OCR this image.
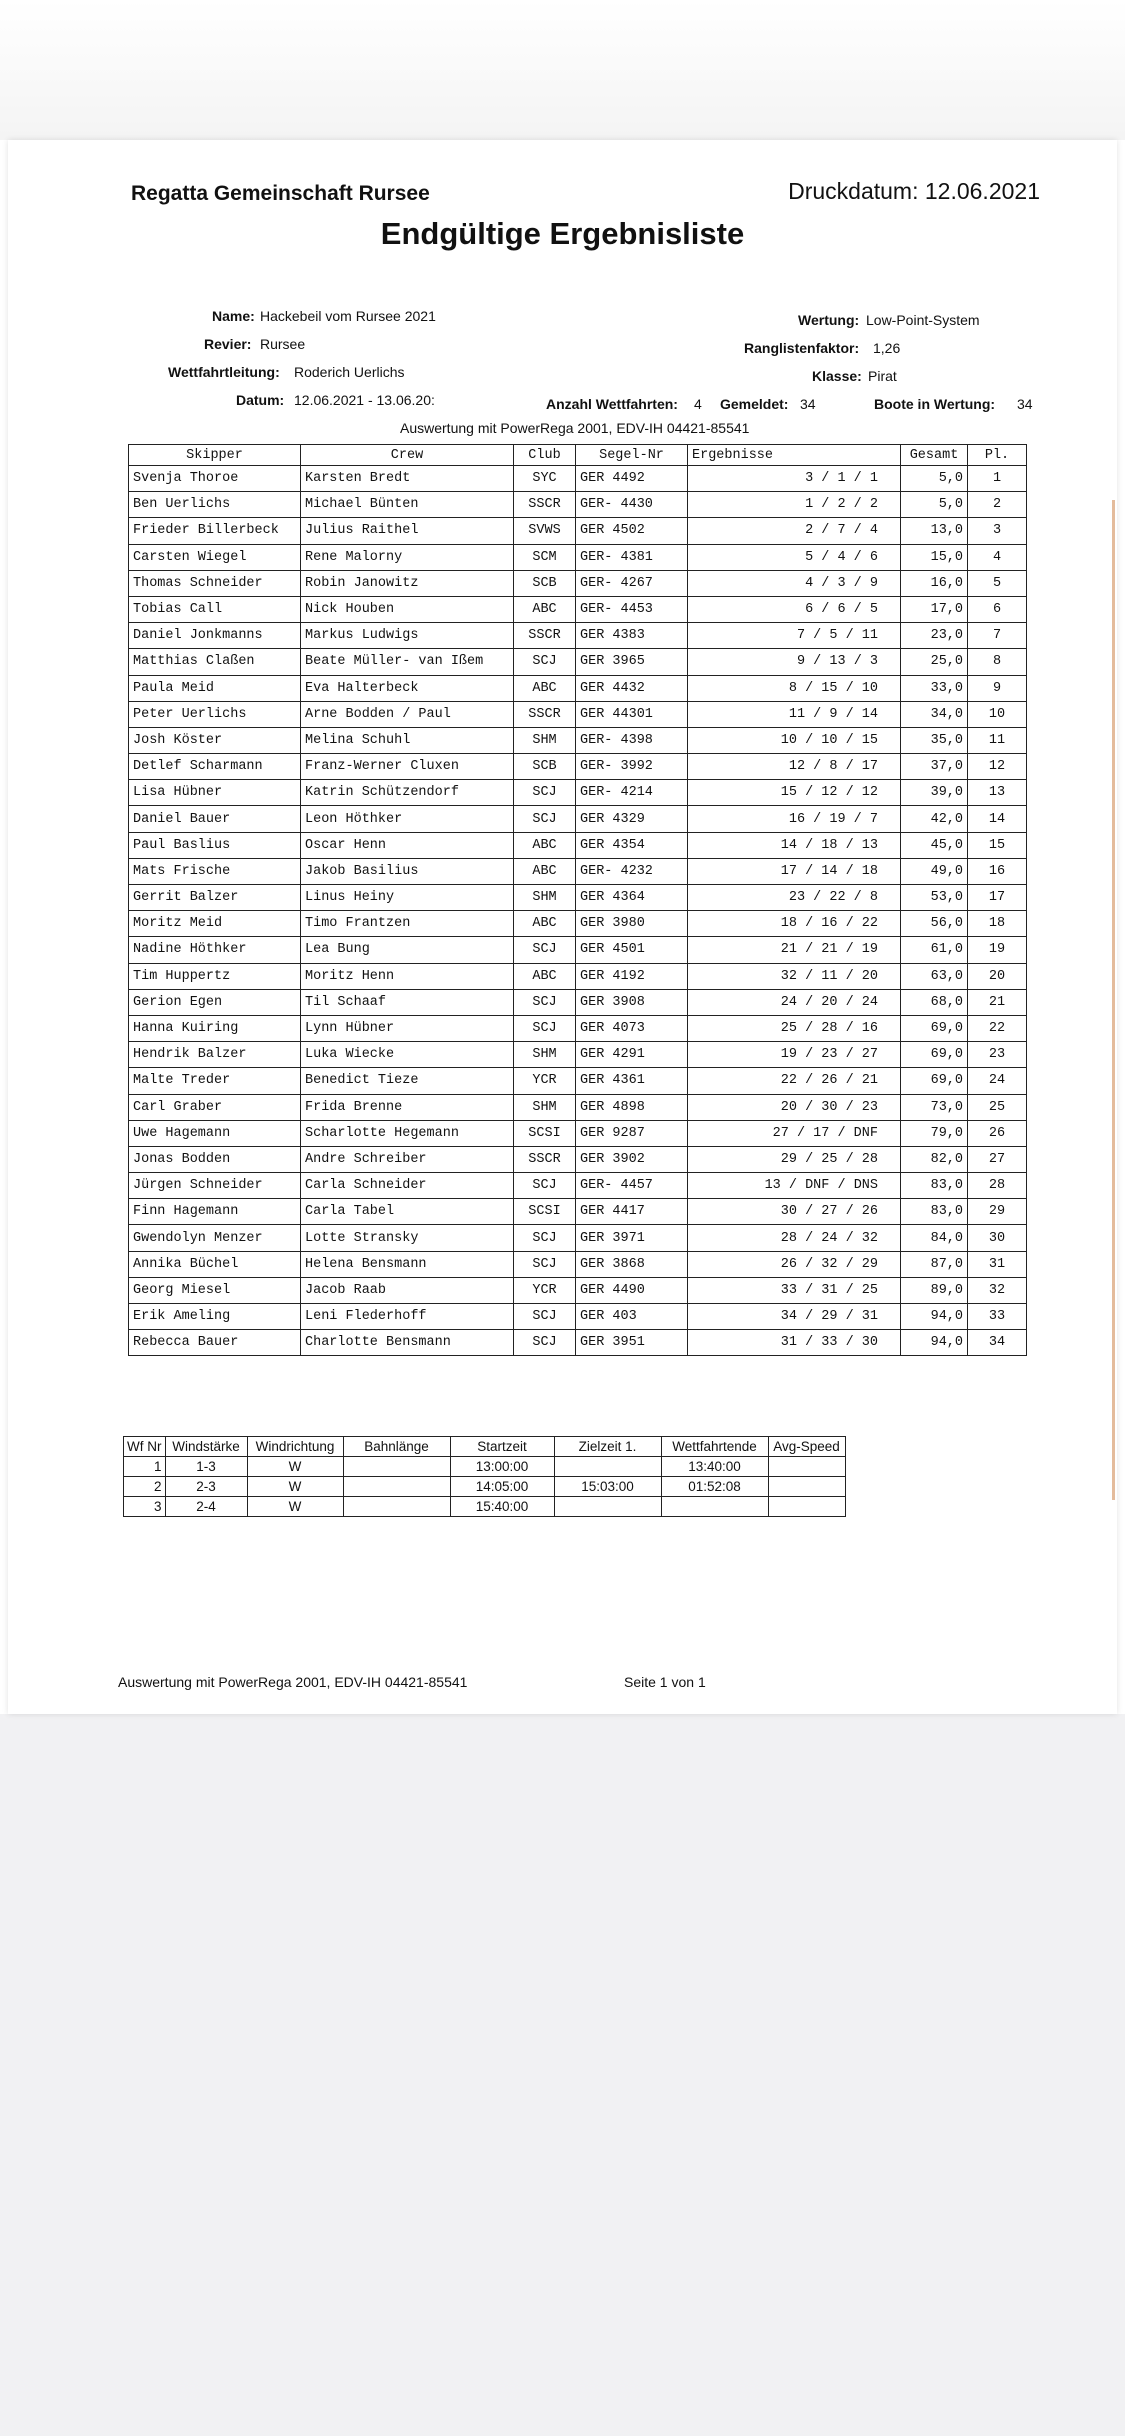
Regatta Gemeinschaft Rursee	Druckdatum: 12.06.2021
Endgültige Ergebnisliste
Name: Hackebeil vom Rursee 2021
Revier: Rursee
Wettfahrtleitung: Roderich Uerlichs
Datum: 12.06.2021 - 13.06.20:
Wertung: Low-Point-System
Ranglistenfaktor: 1,26
Klasse: Pirat
Anzahl Wettfahrten: 4 Gemeldet: 34	Boote in Wertung: 34
Auswertung mit PowerRega 2001, EDV-IH 04421-85541
Skipper	Crew	Club	Segel-Nr	Ergebnisse	Gesamt	Pl.
Svenja Thoroe	Karsten Bredt	SYC	GER 4492	3 / 1 / 1	5,0	1
Ben Uerlichs	Michael Bünten	SSCR	GER- 4430	1 / 2 / 2	5,0	2
Frieder Billerbeck	Julius Raithel	SVWS	GER 4502	2 / 7 / 4	13,0	3
Carsten Wiegel	Rene Malorny	SCM	GER- 4381	5 / 4 / 6	15,0	4
Thomas Schneider	Robin Janowitz	SCB	GER- 4267	4 / 3 / 9	16,0	5
Tobias Call	Nick Houben	ABC	GER- 4453	6 / 6 / 5	17,0	6
Daniel Jonkmanns	Markus Ludwigs	SSCR	GER 4383	7 / 5 / 11	23,0	7
Matthias Claßen	Beate Müller- van Ißem	SCJ	GER 3965	9 / 13 / 3	25,0	8
Paula Meid	Eva Halterbeck	ABC	GER 4432	8 / 15 / 10	33,0	9
Peter Uerlichs	Arne Bodden / Paul	SSCR	GER 44301	11 / 9 / 14	34,0	10
Josh Köster	Melina Schuhl	SHM	GER- 4398	10 / 10 / 15	35,0	11
Detlef Scharmann	Franz-Werner Cluxen	SCB	GER- 3992	12 / 8 / 17	37,0	12
Lisa Hübner	Katrin Schützendorf	SCJ	GER- 4214	15 / 12 / 12	39,0	13
Daniel Bauer	Leon Höthker	SCJ	GER 4329	16 / 19 / 7	42,0	14
Paul Baslius	Oscar Henn	ABC	GER 4354	14 / 18 / 13	45,0	15
Mats Frische	Jakob Basilius	ABC	GER- 4232	17 / 14 / 18	49,0	16
Gerrit Balzer	Linus Heiny	SHM	GER 4364	23 / 22 / 8	53,0	17
Moritz Meid	Timo Frantzen	ABC	GER 3980	18 / 16 / 22	56,0	18
Nadine Höthker	Lea Bung	SCJ	GER 4501	21 / 21 / 19	61,0	19
Tim Huppertz	Moritz Henn	ABC	GER 4192	32 / 11 / 20	63,0	20
Gerion Egen	Til Schaaf	SCJ	GER 3908	24 / 20 / 24	68,0	21
Hanna Kuiring	Lynn Hübner	SCJ	GER 4073	25 / 28 / 16	69,0	22
Hendrik Balzer	Luka Wiecke	SHM	GER 4291	19 / 23 / 27	69,0	23
Malte Treder	Benedict Tieze	YCR	GER 4361	22 / 26 / 21	69,0	24
Carl Graber	Frida Brenne	SHM	GER 4898	20 / 30 / 23	73,0	25
Uwe Hagemann	Scharlotte Hegemann	SCSI	GER 9287	27 / 17 / DNF	79,0	26
Jonas Bodden	Andre Schreiber	SSCR	GER 3902	29 / 25 / 28	82,0	27
Jürgen Schneider	Carla Schneider	SCJ	GER- 4457	13 / DNF / DNS	83,0	28
Finn Hagemann	Carla Tabel	SCSI	GER 4417	30 / 27 / 26	83,0	29
Gwendolyn Menzer	Lotte Stransky	SCJ	GER 3971	28 / 24 / 32	84,0	30
Annika Büchel	Helena Bensmann	SCJ	GER 3868	26 / 32 / 29	87,0	31
Georg Miesel	Jacob Raab	YCR	GER 4490	33 / 31 / 25	89,0	32
Erik Ameling	Leni Flederhoff	SCJ	GER 403	34 / 29 / 31	94,0	33
Rebecca Bauer	Charlotte Bensmann	SCJ	GER 3951	31 / 33 / 30	94,0	34
Wf Nr	Windstärke	Windrichtung	Bahnlänge	Startzeit	Zielzeit 1.	Wettfahrtende	Avg-Speed
1	1-3	W		13:00:00		13:40:00	
2	2-3	W		14:05:00	15:03:00	01:52:08	
3	2-4	W		15:40:00			
Auswertung mit PowerRega 2001, EDV-IH 04421-85541	Seite 1 von 1
